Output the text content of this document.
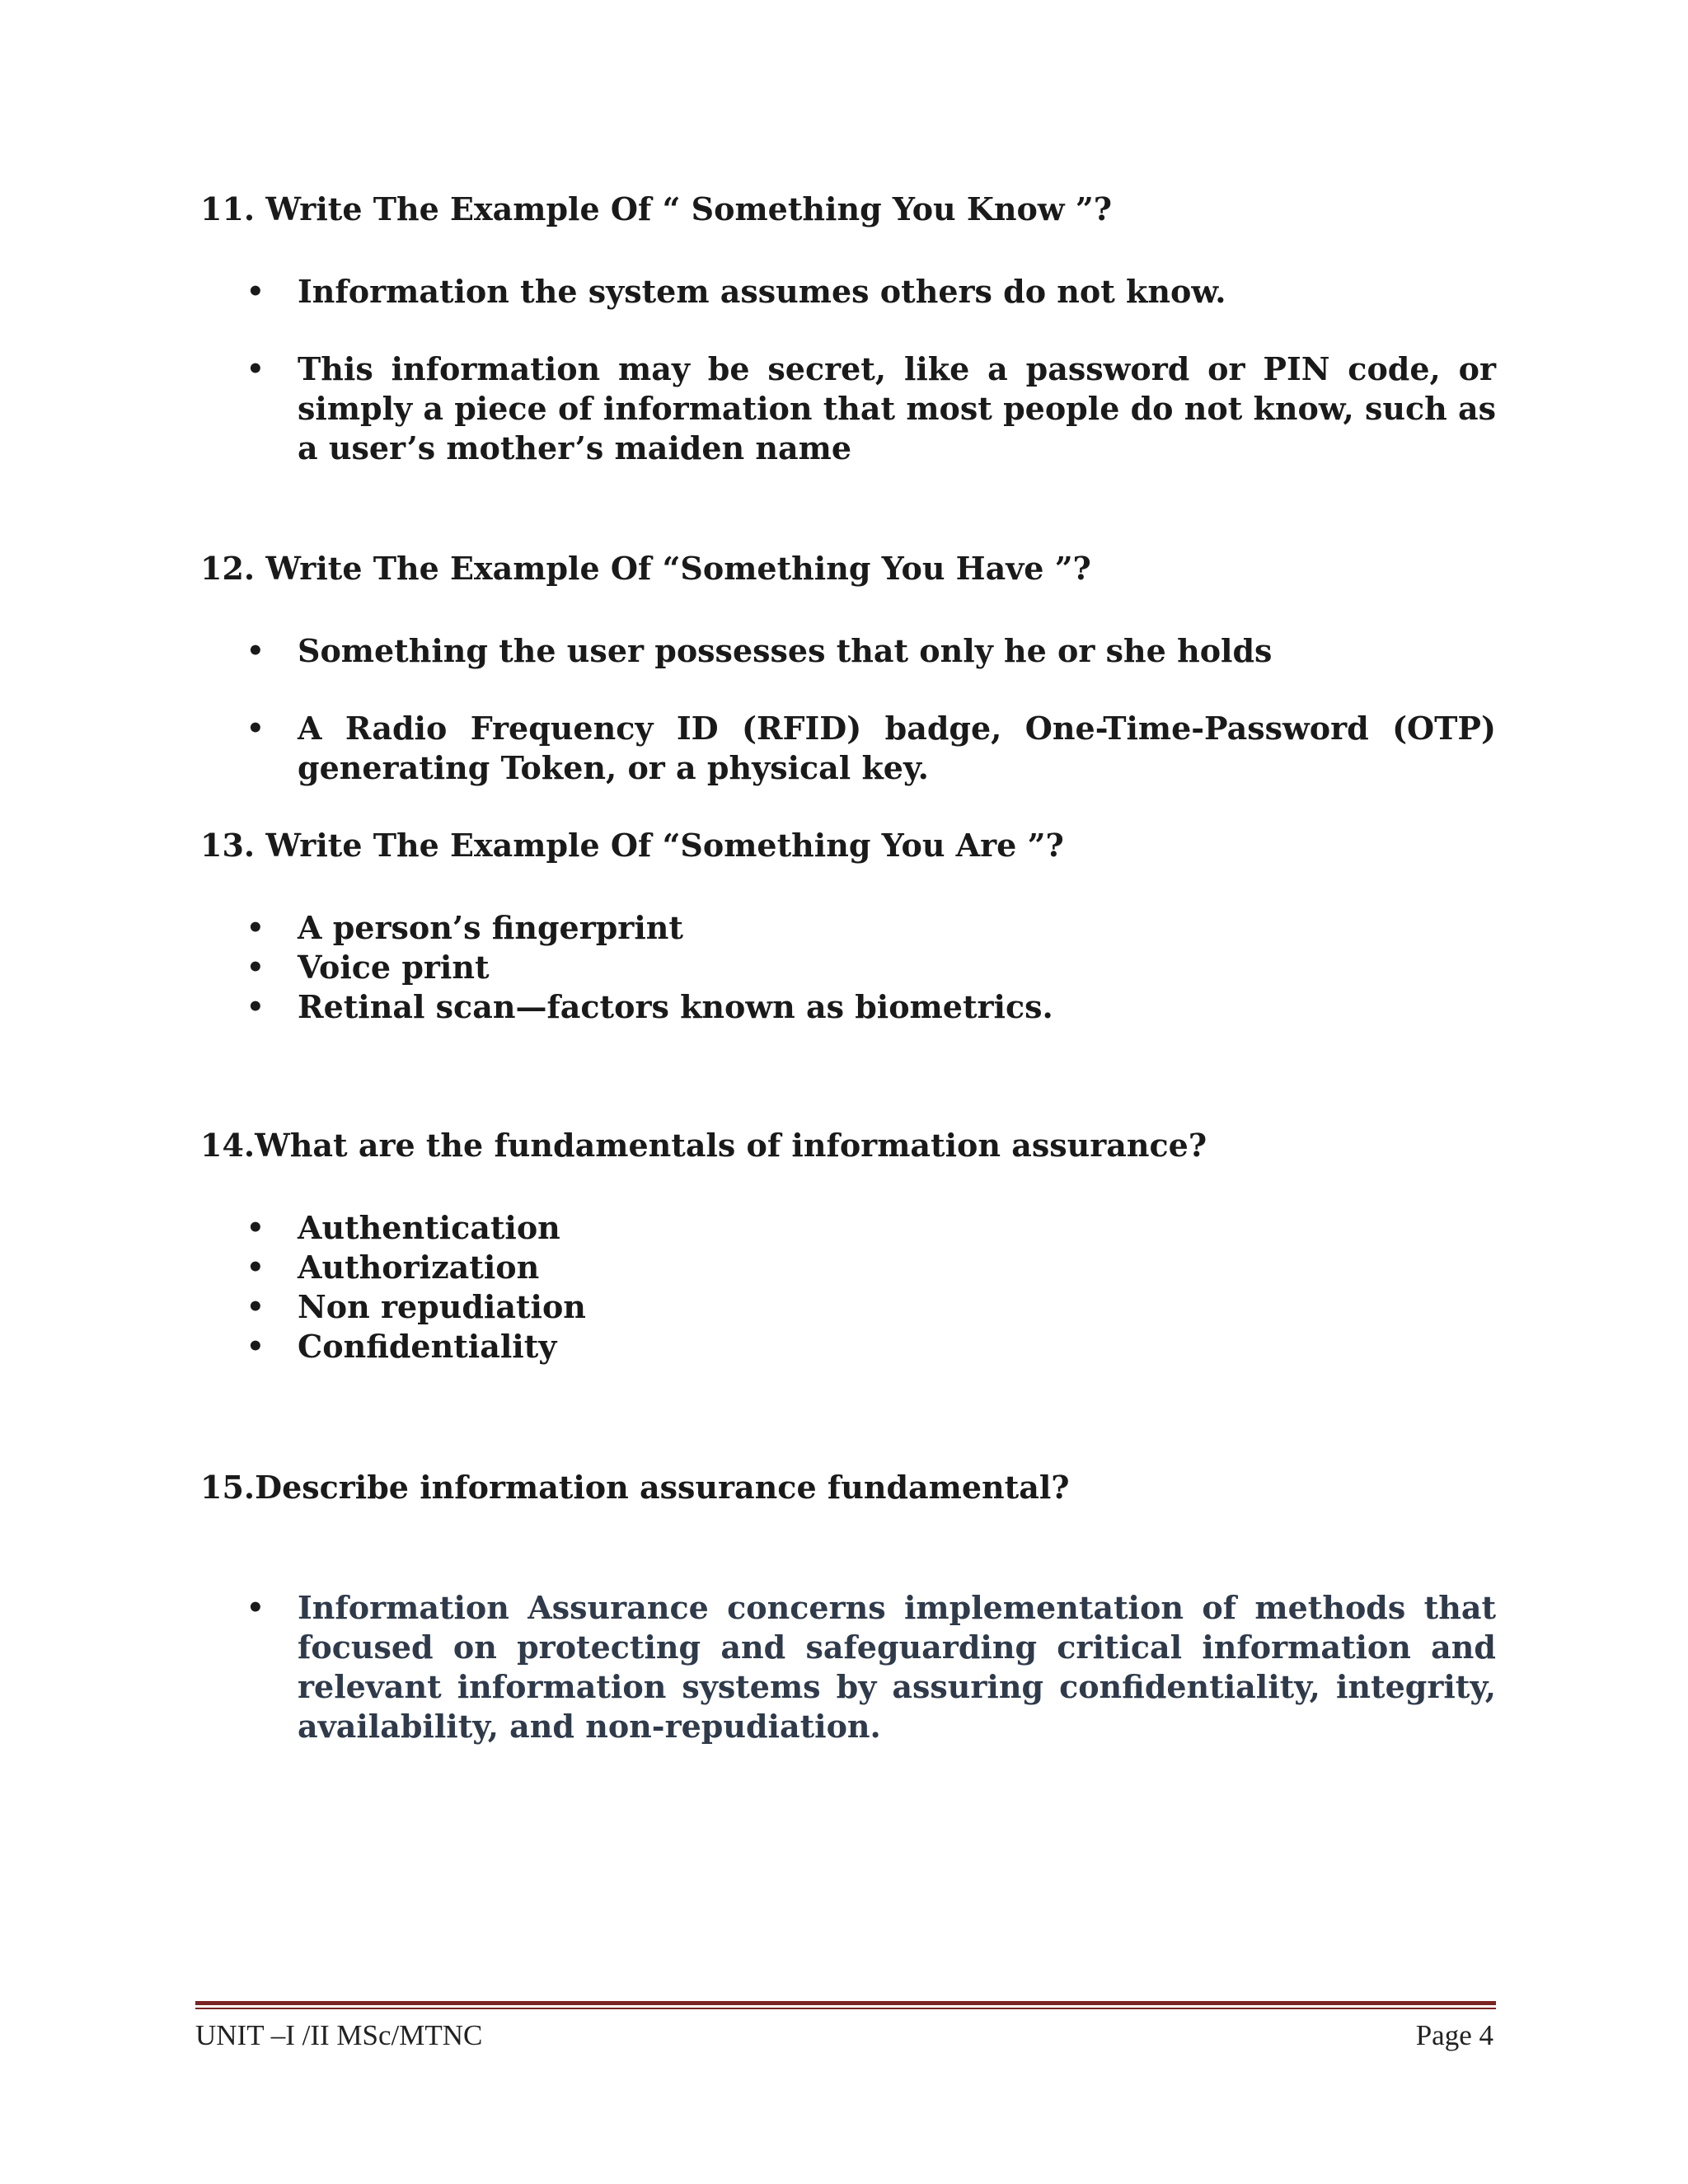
11. Write The Example Of “ Something You Know ”?
• Information the system assumes others do not know.
• This information may be secret, like a password or PIN code, or simply a piece of information that most people do not know, such as a user’s mother’s maiden name
12. Write The Example Of “Something You Have ”?
• Something the user possesses that only he or she holds
• A Radio Frequency ID (RFID) badge, One-Time-Password (OTP) generating Token, or a physical key.
13. Write The Example Of “Something You Are ”?
• A person’s fingerprint
• Voice print
• Retinal scan—factors known as biometrics.
14.What are the fundamentals of information assurance?
• Authentication
• Authorization
• Non repudiation
• Confidentiality
15.Describe information assurance fundamental?
• Information Assurance concerns implementation of methods that focused on protecting and safeguarding critical information and relevant information systems by assuring confidentiality, integrity, availability, and non-repudiation.
UNIT –I /II MSc/MTNC	Page 4
